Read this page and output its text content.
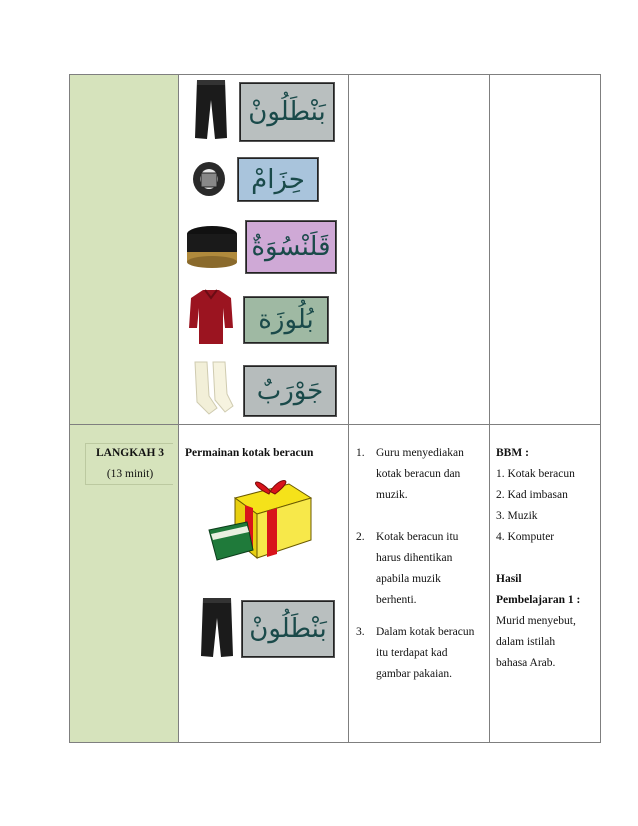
بَنْطَلُونْ
حِزَامْ
قَلَنْسُوَةٌ
بُلُوزَة
جَوْرَبٌ
LANGKAH 3
(13 minit)
Permainan kotak beracun
بَنْطَلُونْ
1. Guru menyediakan
kotak beracun dan
muzik.
2. Kotak beracun itu
harus dihentikan
apabila muzik
berhenti.
3. Dalam kotak beracun
itu terdapat kad
gambar pakaian.
BBM :
1. Kotak beracun
2. Kad imbasan
3. Muzik
4. Komputer
Hasil
Pembelajaran 1 :
Murid menyebut,
dalam istilah
bahasa Arab.
